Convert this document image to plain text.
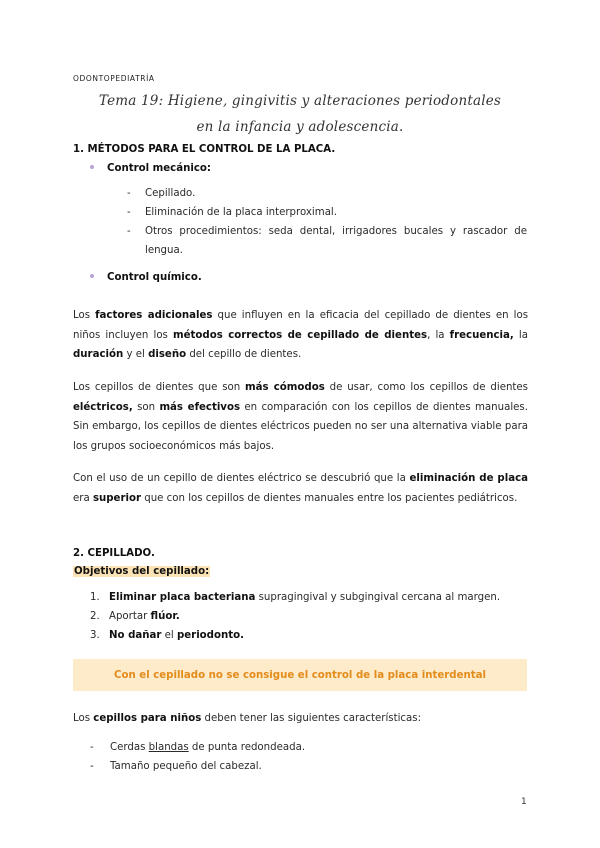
ODONTOPEDIATRÍA
Tema 19: Higiene, gingivitis y alteraciones periodontales en la infancia y adolescencia.
1. MÉTODOS PARA EL CONTROL DE LA PLACA.
Control mecánico:
-	Cepillado.
-	Eliminación de la placa interproximal.
-	Otros procedimientos: seda dental, irrigadores bucales y rascador de lengua.
Control químico.
Los factores adicionales que influyen en la eficacia del cepillado de dientes en los niños incluyen los métodos correctos de cepillado de dientes, la frecuencia, la duración y el diseño del cepillo de dientes.
Los cepillos de dientes que son más cómodos de usar, como los cepillos de dientes eléctricos, son más efectivos en comparación con los cepillos de dientes manuales. Sin embargo, los cepillos de dientes eléctricos pueden no ser una alternativa viable para los grupos socioeconómicos más bajos.
Con el uso de un cepillo de dientes eléctrico se descubrió que la eliminación de placa era superior que con los cepillos de dientes manuales entre los pacientes pediátricos.
2. CEPILLADO.
Objetivos del cepillado:
1. Eliminar placa bacteriana supragingival y subgingival cercana al margen.
2. Aportar flúor.
3. No dañar el periodonto.
Con el cepillado no se consigue el control de la placa interdental
Los cepillos para niños deben tener las siguientes características:
-	Cerdas blandas de punta redondeada.
-	Tamaño pequeño del cabezal.
1
